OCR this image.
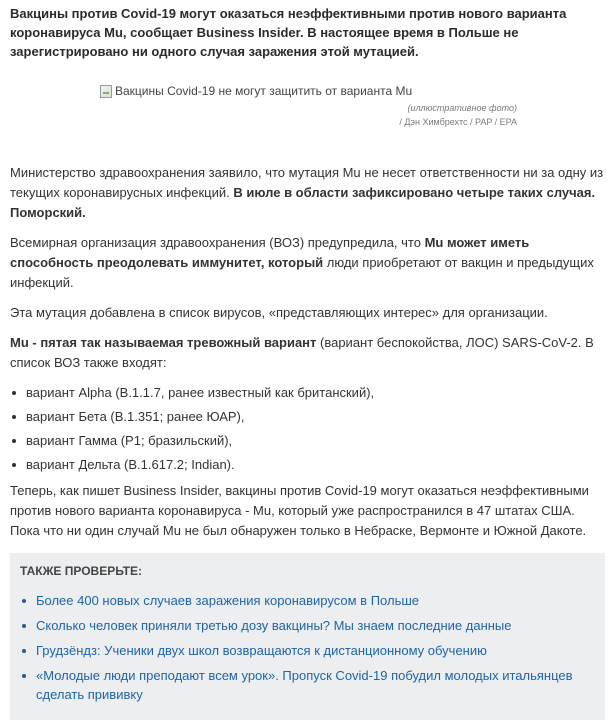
Вакцины против Covid-19 могут оказаться неэффективными против нового варианта коронавируса Mu, сообщает Business Insider. В настоящее время в Польше не зарегистрировано ни одного случая заражения этой мутацией.

Вакцины Covid-19 не могут защитить от варианта Mu
(иллюстративное фото)
/ Дэн Химбрехтс / PAP / EPA

Министерство здравоохранения заявило, что мутация Mu не несет ответственности ни за одну из текущих коронавирусных инфекций. В июле в области зафиксировано четыре таких случая. Поморский.

Всемирная организация здравоохранения (ВОЗ) предупредила, что Mu может иметь способность преодолевать иммунитет, который люди приобретают от вакцин и предыдущих инфекций.

Эта мутация добавлена в список вирусов, «представляющих интерес» для организации.

Mu - пятая так называемая тревожный вариант (вариант беспокойства, ЛОС) SARS-CoV-2. В список ВОЗ также входят:

вариант Alpha (B.1.1.7, ранее известный как британский),
вариант Бета (B.1.351; ранее ЮАР),
вариант Гамма (P1; бразильский),
вариант Дельта (B.1.617.2; Indian).

Теперь, как пишет Business Insider, вакцины против Covid-19 могут оказаться неэффективными против нового варианта коронавируса - Mu, который уже распространился в 47 штатах США. Пока что ни один случай Mu не был обнаружен только в Небраске, Вермонте и Южной Дакоте.

ТАКЖЕ ПРОВЕРЬТЕ:
Более 400 новых случаев заражения коронавирусом в Польше
Сколько человек приняли третью дозу вакцины? Мы знаем последние данные
Грудзёндз: Ученики двух школ возвращаются к дистанционному обучению
«Молодые люди преподают всем урок». Пропуск Covid-19 побудил молодых итальянцев сделать прививку
